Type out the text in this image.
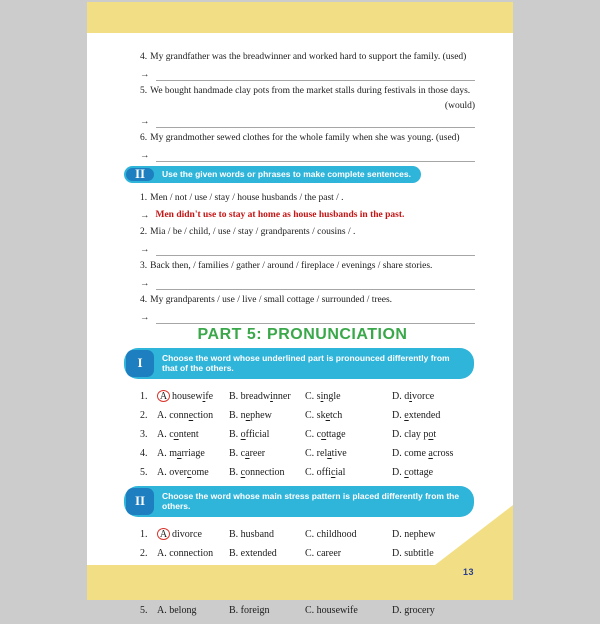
4. My grandfather was the breadwinner and worked hard to support the family. (used)
→
5. We bought handmade clay pots from the market stalls during festivals in those days.
(would)
→
6. My grandmother sewed clothes for the whole family when she was young. (used)
→
II	Use the given words or phrases to make complete sentences.
1. Men / not / use / stay / house husbands / the past / .
→ Men didn't use to stay at home as house husbands in the past.
2. Mia / be / child, / use / stay / grandparents / cousins / .
→
3. Back then, / families / gather / around / fireplace / evenings / share stories.
→
4. My grandparents / use / live / small cottage / surrounded / trees.
→
PART 5: PRONUNCIATION
I	Choose the word whose underlined part is pronounced differently from that of the others.
1.	A housewife	B. breadwinner	C. single	D. divorce
2. A. connection	B. nephew	C. sketch	D. extended
3. A. content	B. official	C. cottage	D. clay pot
4. A. marriage	B. career	C. relative	D. come across
5. A. overcome	B. connection	C. official	D. cottage
II	Choose the word whose main stress pattern is placed differently from the others.
1.	A divorce	B. husband	C. childhood	D. nephew
2. A. connection	B. extended	C. career	D. subtitle
5. A. belong	B. foreign	C. housewife	D. grocery
13
